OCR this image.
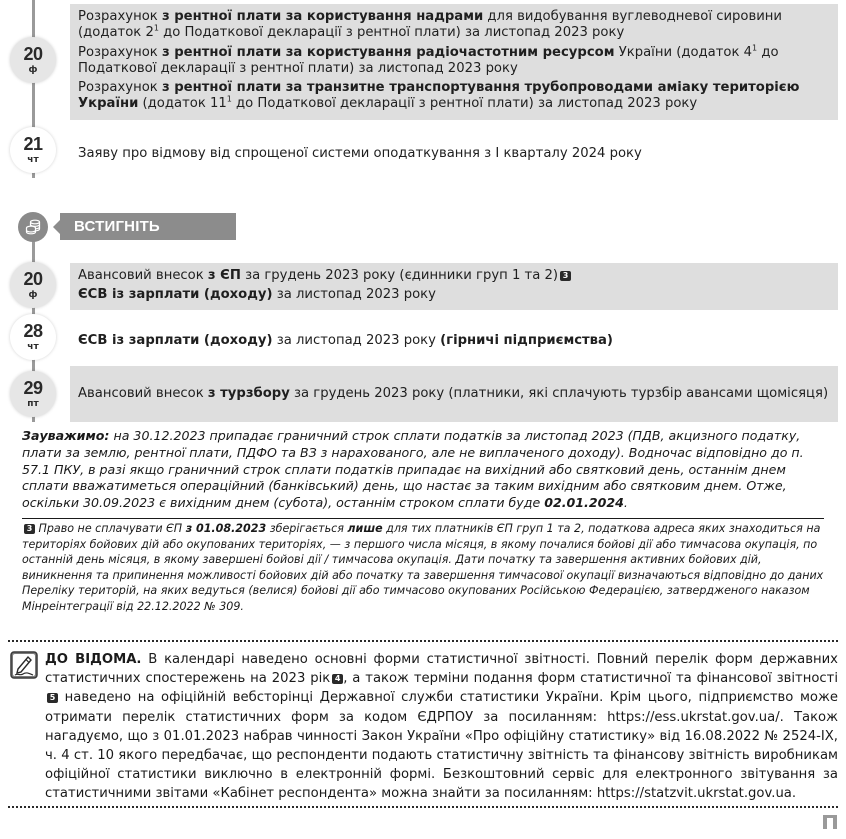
20
ф
Розрахунок з рентної плати за користування надрами для видобування вуглеводневої сировини (додаток $2^1$ до Податкової декларації з рентної плати) за листопад 2023 року
Розрахунок з рентної плати за користування радіочастотним ресурсом України (додаток $4^1$ до Податкової декларації з рентної плати) за листопад 2023 року
Розрахунок з рентної плати за транзитне транспортування трубопроводами аміаку територією України (додаток $11^1$ до Податкової декларації з рентної плати) за листопад 2023 року
21
чт	Заяву про відмову від спрощеної системи оподаткування з І кварталу 2024 року
ВСТИГНІТЬ СПЛАТИТИ
20
ф
Авансовий внесок з ЄП за грудень 2023 року (єдинники груп 1 та 2) 3
ЄСВ із зарплати (доходу) за листопад 2023 року
28
чт	ЄСВ із зарплати (доходу) за листопад 2023 року (гірничі підприємства)
29
пт
Авансовий внесок з турзбору за грудень 2023 року (платники, які сплачують турзбір авансами щомісяця)
Зауважимо: на 30.12.2023 припадає граничний строк сплати податків за листопад 2023 (ПДВ, акцизного податку, плати за землю, рентної плати, ПДФО та ВЗ з нарахованого, але не виплаченого доходу). Водночас відповідно до п. 57.1 ПКУ, в разі якщо граничний строк сплати податків припадає на вихідний або святковий день, останнім днем сплати вважатиметься операційний (банківський) день, що настає за таким вихідним або святковим днем. Отже, оскільки 30.09.2023 є вихідним днем (субота), останнім строком сплати буде 02.01.2024.
3 Право не сплачувати ЄП з 01.08.2023 зберігається лише для тих платників ЄП груп 1 та 2, податкова адреса яких знаходиться на територіях бойових дій або окупованих територіях, — з першого числа місяця, в якому почалися бойові дії або тимчасова окупація, по останній день місяця, в якому завершені бойові дії / тимчасова окупація. Дати початку та завершення активних бойових дій, виникнення та припинення можливості бойових дій або початку та завершення тимчасової окупації визначаються відповідно до даних Переліку територій, на яких ведуться (велися) бойові дії або тимчасово окупованих Російською Федерацією, затвердженого наказом Мінреінтеграції від 22.12.2022 № 309.
ДО ВІДОМА. В календарі наведено основні форми статистичної звітності. Повний перелік форм державних статистичних спостережень на 2023 рік 4 , а також терміни подання форм статистичної та фінансової звітності5 наведено на офіційній вебсторінці Державної служби статистики України. Крім цього, підприємство може отримати перелік статистичних форм за кодом ЄДРПОУ за посиланням: https://ess.ukrstat.gov.ua/. Також нагадуємо, що з 01.01.2023 набрав чинності Закон України «Про офіційну статистику» від 16.08.2022 № 2524-IX, ч. 4 ст. 10 якого передбачає, що респонденти подають статистичну звітність та фінансову звітність виробникам офіційної статистики виключно в електронній формі. Безкоштовний сервіс для електронного звітування за статистичними звітами «Кабінет респондента» можна знайти за посиланням: https://statzvit.ukrstat.gov.ua.
